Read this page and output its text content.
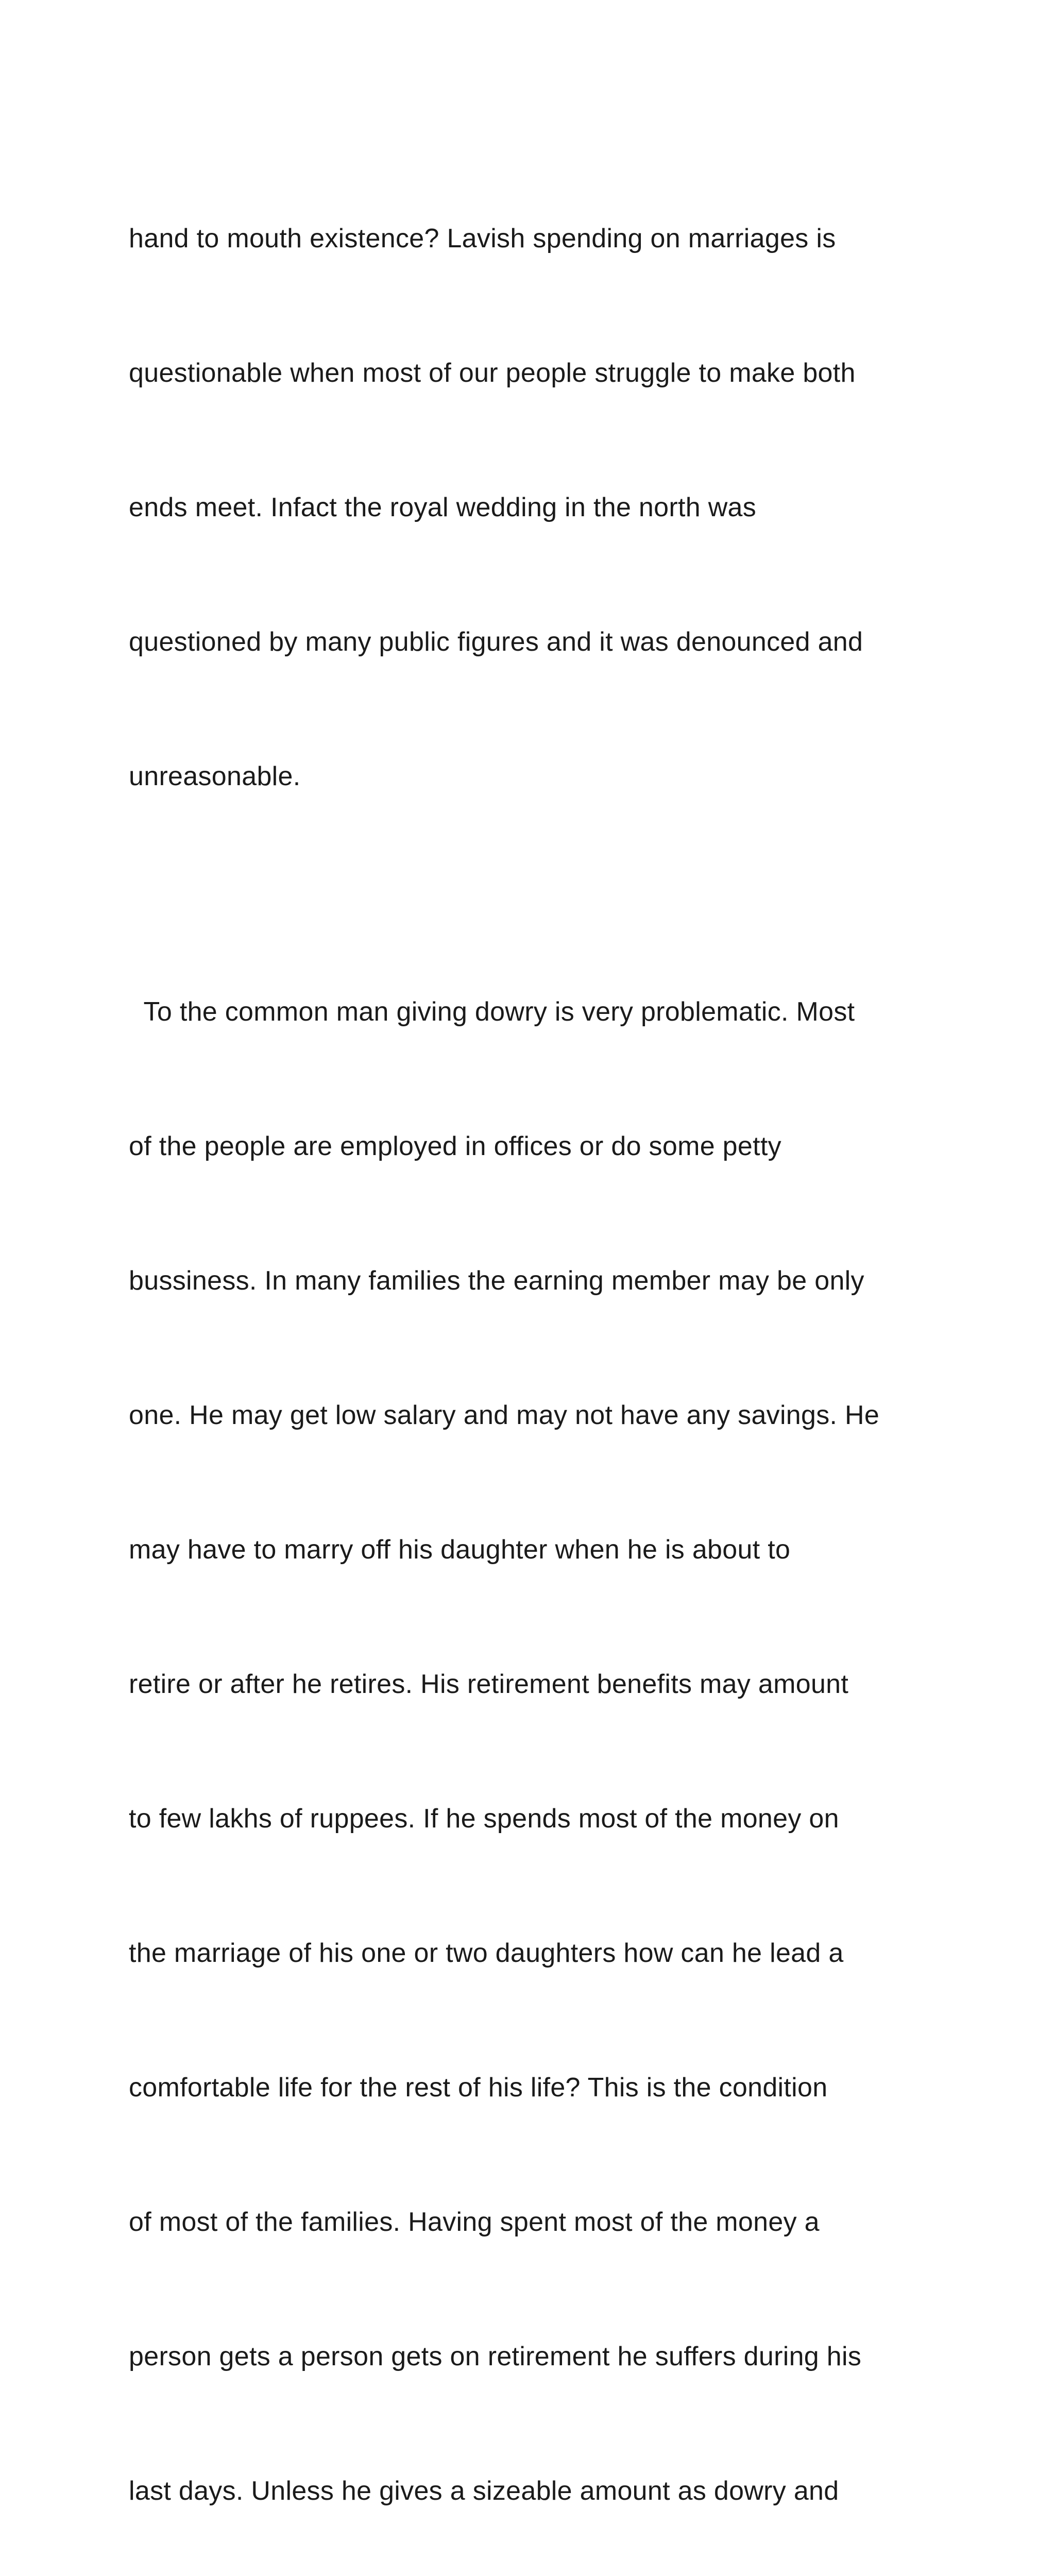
hand to mouth existence? Lavish spending on marriages is

questionable when most of our people struggle to make both

ends meet. Infact the royal wedding in the north was

questioned by many public figures and it was denounced and

unreasonable.

To the common man giving dowry is very problematic. Most

of the people are employed in offices or do some petty

bussiness. In many families the earning member may be only

one. He may get low salary and may not have any savings. He

may have to marry off his daughter when he is about to

retire or after he retires. His retirement benefits may amount

to few lakhs of ruppees. If he spends most of the money on

the marriage of his one or two daughters how can he lead a

comfortable life for the rest of his life? This is the condition

of most of the families. Having spent most of the money a

person gets a person gets on retirement he suffers during his

last days. Unless he gives a sizeable amount as dowry and
